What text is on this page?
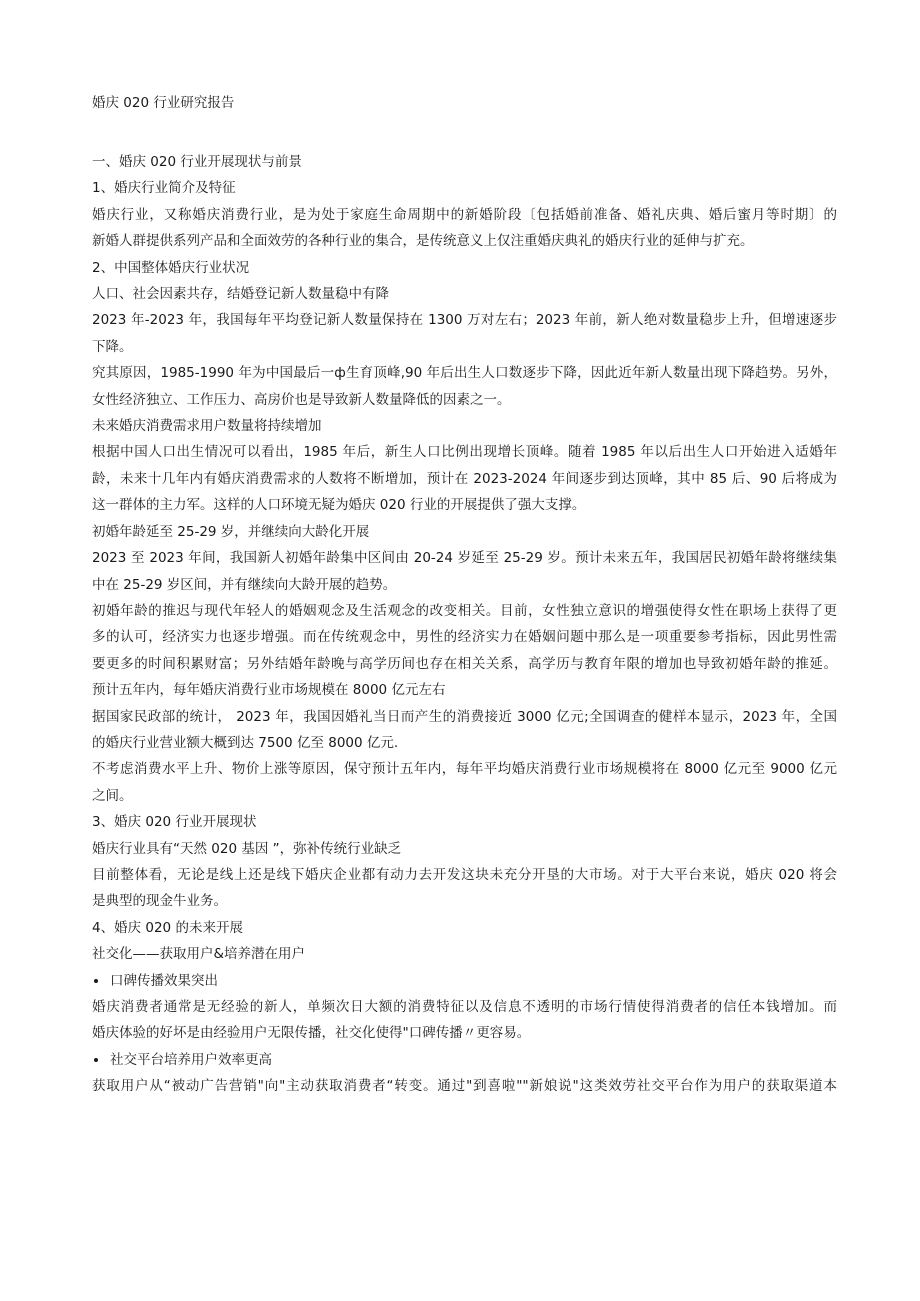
婚庆 020 行业研究报告

一、婚庆 020 行业开展现状与前景

1、婚庆行业简介及特征

婚庆行业，又称婚庆消费行业，是为处于家庭生命周期中的新婚阶段〔包括婚前准备、婚礼庆典、婚后蜜月等时期〕的

新婚人群提供系列产品和全面效劳的各种行业的集合，是传统意义上仅注重婚庆典礼的婚庆行业的延伸与扩充。

2、中国整体婚庆行业状况

人口、社会因素共存，结婚登记新人数量稳中有降

2023 年-2023 年，我国每年平均登记新人数量保持在 1300 万对左右；2023 年前，新人绝对数量稳步上升，但增速逐步

下降。

究其原因，1985-1990 年为中国最后一ф生育顶峰,90 年后出生人口数逐步下降，因此近年新人数量出现下降趋势。另外，

女性经济独立、工作压力、高房价也是导致新人数量降低的因素之一。

未来婚庆消费需求用户数量将持续增加

根据中国人口出生情况可以看出，1985 年后，新生人口比例出现增长顶峰。随着 1985 年以后出生人口开始进入适婚年

龄，未来十几年内有婚庆消费需求的人数将不断增加，预计在 2023-2024 年间逐步到达顶峰，其中 85 后、90 后将成为

这一群体的主力军。这样的人口环境无疑为婚庆 020 行业的开展提供了强大支撑。

初婚年龄延至 25-29 岁，并继续向大龄化开展

2023 至 2023 年间，我国新人初婚年龄集中区间由 20-24 岁延至 25-29 岁。预计未来五年，我国居民初婚年龄将继续集

中在 25-29 岁区间，并有继续向大龄开展的趋势。

初婚年龄的推迟与现代年轻人的婚姻观念及生活观念的改变相关。目前，女性独立意识的增强使得女性在职场上获得了更

多的认可，经济实力也逐步增强。而在传统观念中，男性的经济实力在婚姻问题中那么是一项重要参考指标，因此男性需

要更多的时间积累财富；另外结婚年龄晚与高学历间也存在相关关系，高学历与教育年限的增加也导致初婚年龄的推延。

预计五年内，每年婚庆消费行业市场规模在 8000 亿元左右

据国家民政部的统计， 2023 年，我国因婚礼当日而产生的消费接近 3000 亿元;全国调查的健样本显示，2023 年，全国

的婚庆行业营业额大概到达 7500 亿至 8000 亿元.

不考虑消费水平上升、物价上涨等原因，保守预计五年内，每年平均婚庆消费行业市场规模将在 8000 亿元至 9000 亿元

之间。

3、婚庆 020 行业开展现状

婚庆行业具有“天然 020 基因 ”，弥补传统行业缺乏

目前整体看，无论是线上还是线下婚庆企业都有动力去开发这块未充分开垦的大市场。对于大平台来说，婚庆 020 将会

是典型的现金牛业务。

4、婚庆 020 的未来开展

社交化——获取用户&培养潜在用户

口碑传播效果突出

婚庆消费者通常是无经验的新人，单频次日大额的消费特征以及信息不透明的市场行情使得消费者的信任本钱增加。而

婚庆体验的好坏是由经验用户无限传播，社交化使得"口碑传播〃更容易。

社交平台培养用户效率更高

获取用户从“被动广告营销"向"主动获取消费者“转变。通过"到喜啦""新娘说"这类效劳社交平台作为用户的获取渠道本
